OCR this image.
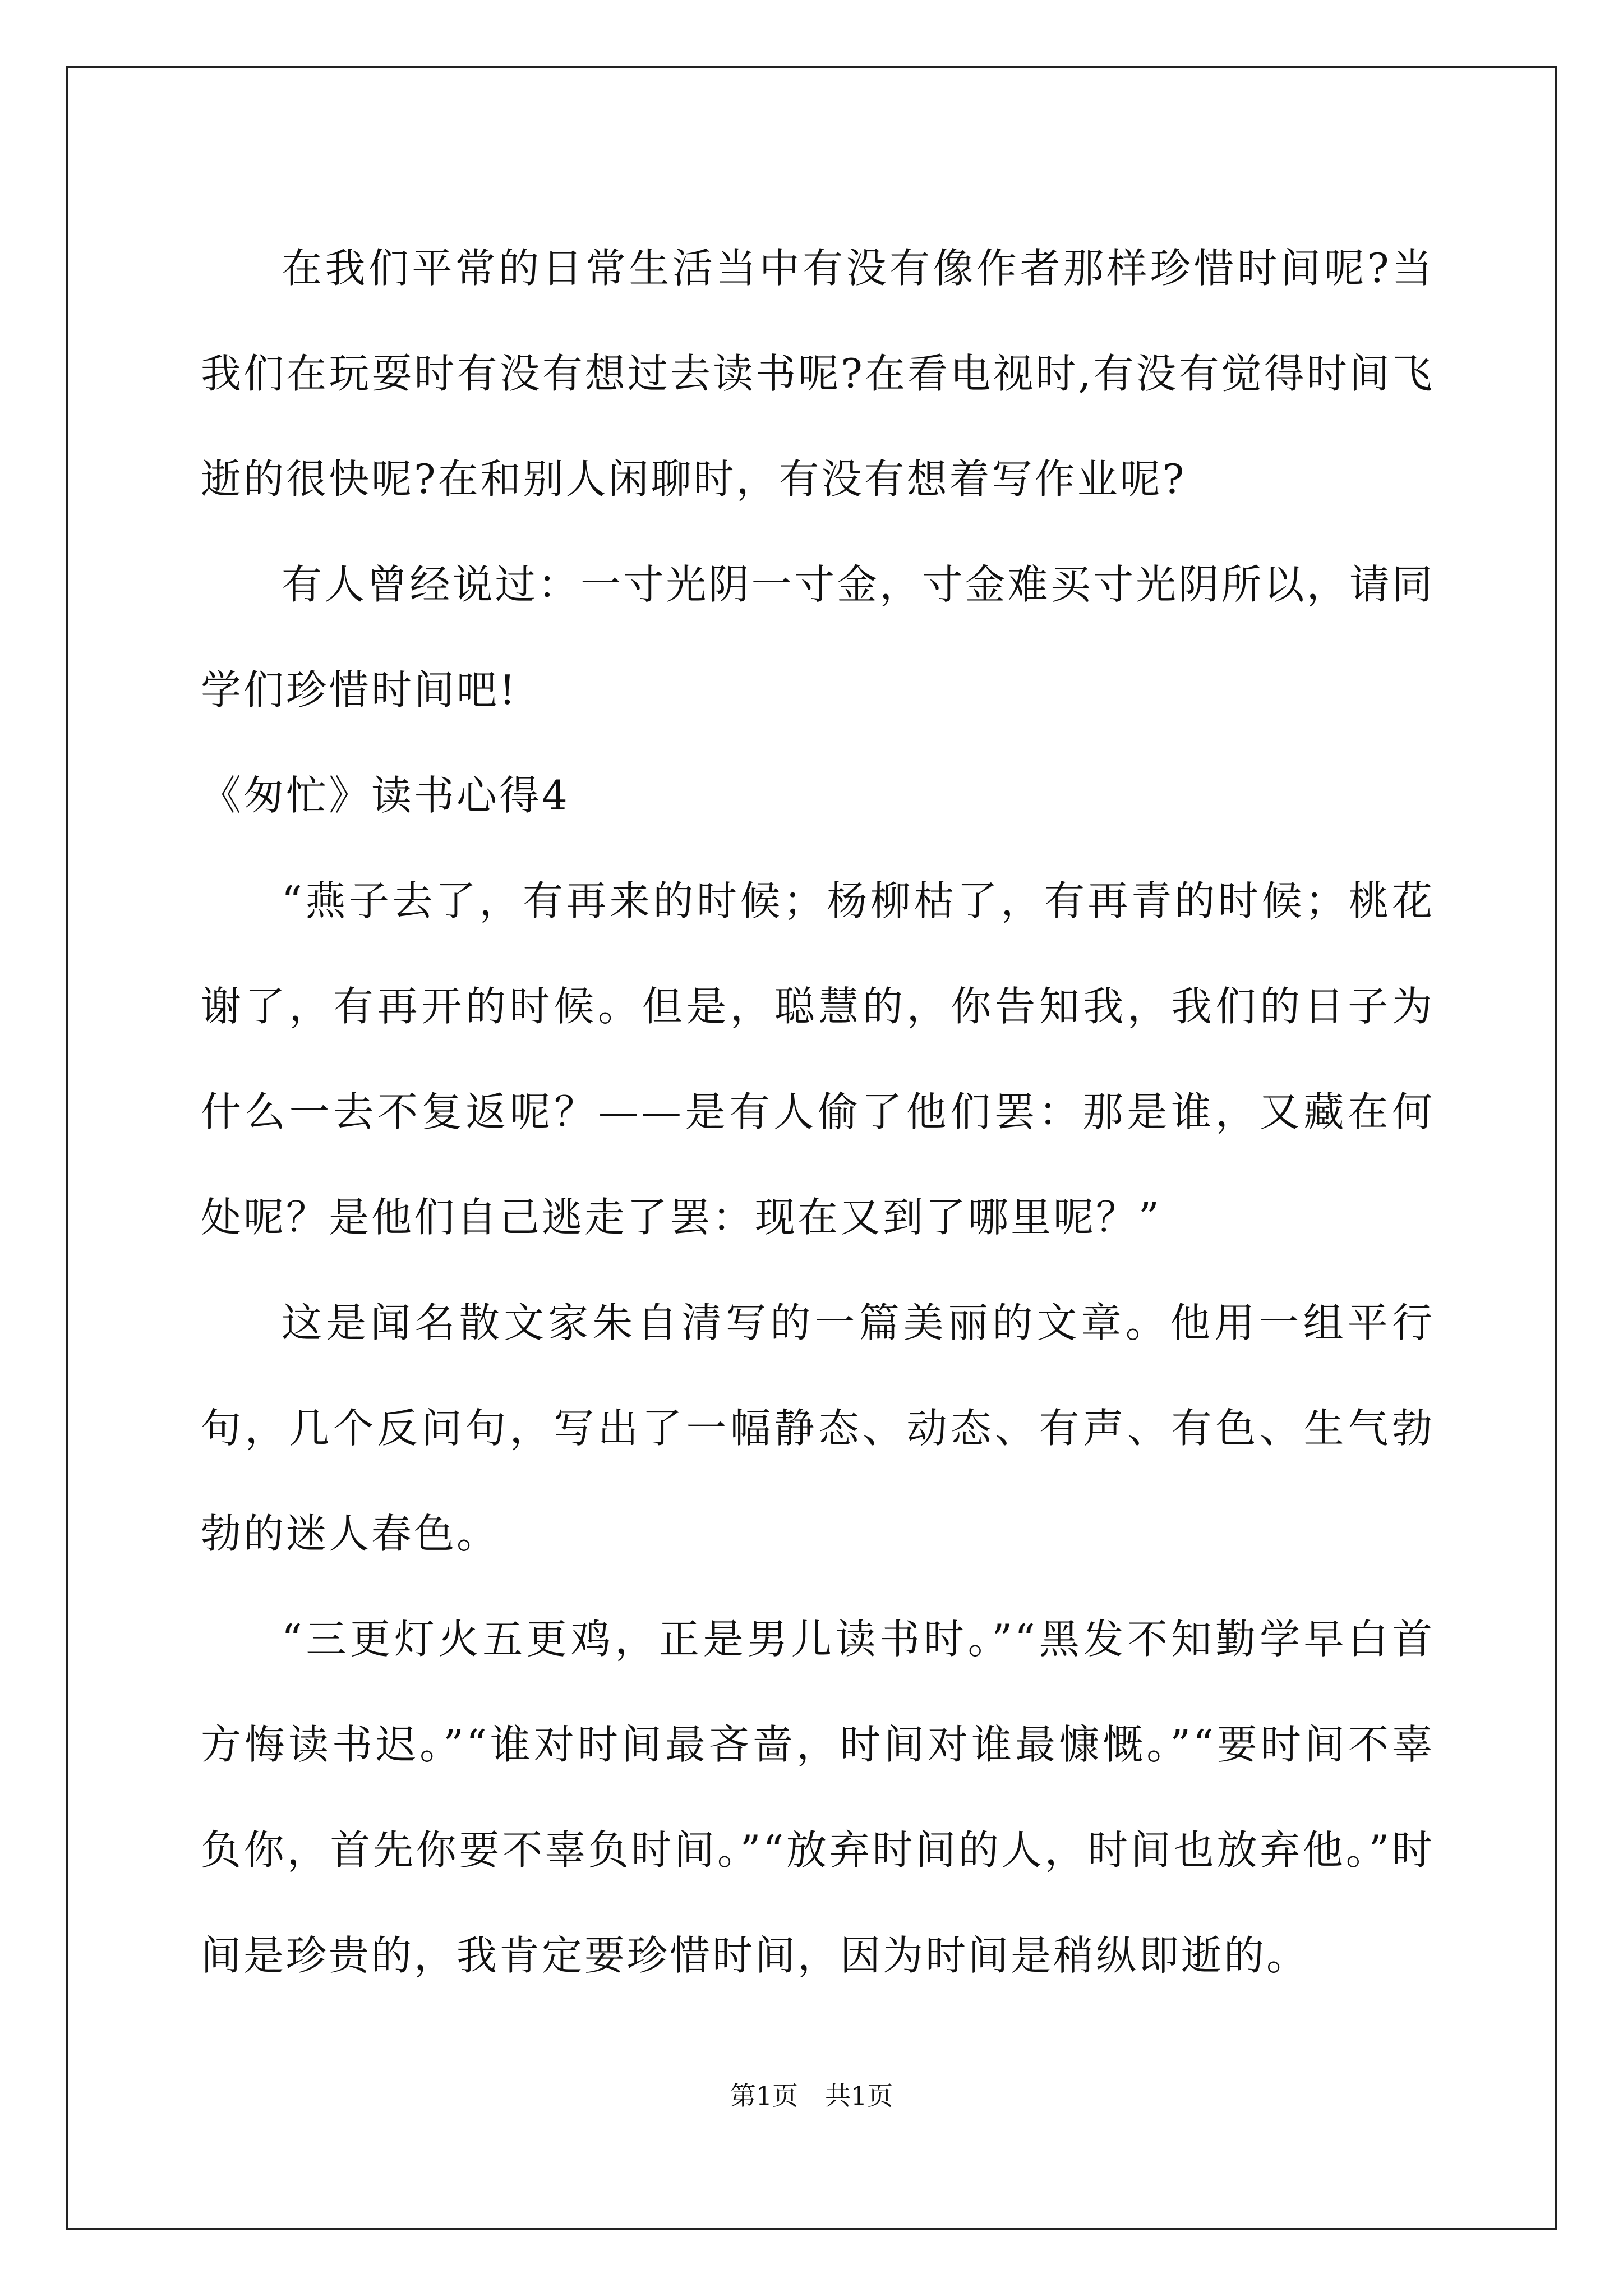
在我们平常的日常生活当中有没有像作者那样珍惜时间呢?当我们在玩耍时有没有想过去读书呢?在看电视时,有没有觉得时间飞逝的很快呢?在和别人闲聊时，有没有想着写作业呢?

有人曾经说过：一寸光阴一寸金，寸金难买寸光阴所以，请同学们珍惜时间吧!

《匆忙》读书心得4

“燕子去了，有再来的时候；杨柳枯了，有再青的时候；桃花谢了，有再开的时候。但是，聪慧的，你告知我，我们的日子为什么一去不复返呢？——是有人偷了他们罢：那是谁，又藏在何处呢？是他们自己逃走了罢：现在又到了哪里呢？”

这是闻名散文家朱自清写的一篇美丽的文章。他用一组平行句，几个反问句，写出了一幅静态、动态、有声、有色、生气勃勃的迷人春色。

“三更灯火五更鸡，正是男儿读书时。”“黑发不知勤学早白首方悔读书迟。”“谁对时间最吝啬，时间对谁最慷慨。”“要时间不辜负你，首先你要不辜负时间。”“放弃时间的人，时间也放弃他。”时间是珍贵的，我肯定要珍惜时间，因为时间是稍纵即逝的。

第1页 共1页
